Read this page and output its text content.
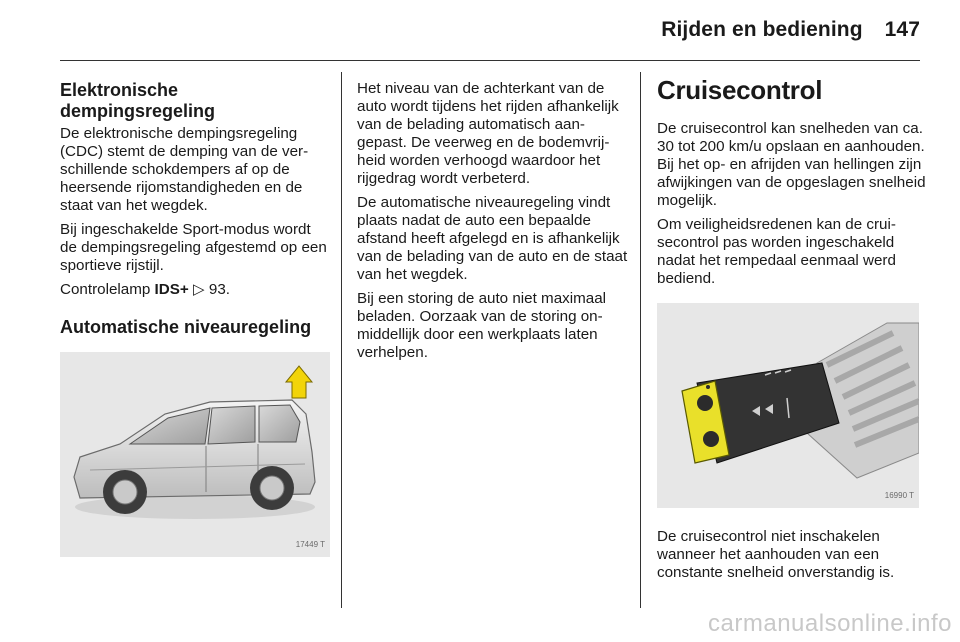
Rijden en bediening 147
Elektronische dempingsregeling

De elektronische dempingsregeling (CDC) stemt de demping van de verschillende schokdempers af op de heersende rijomstandigheden en de staat van het wegdek.

Bij ingeschakelde Sport-modus wordt de dempingsregeling afgestemd op een sportieve rijstijl.

Controlelamp IDS+ ▷ 93.

Automatische niveauregeling
17449 T

Het niveau van de achterkant van de auto wordt tijdens het rijden afhankelijk van de belading automatisch aangepast. De veerweg en de bodemvrijheid worden verhoogd waardoor het rijgedrag wordt verbeterd.

De automatische niveauregeling vindt plaats nadat de auto een bepaalde afstand heeft afgelegd en is afhankelijk van de belading van de auto en de staat van het wegdek.

Bij een storing de auto niet maximaal beladen. Oorzaak van de storing onmiddellijk door een werkplaats laten verhelpen.

Cruisecontrol

De cruisecontrol kan snelheden van ca. 30 tot 200 km/u opslaan en aanhouden. Bij het op- en afrijden van hellingen zijn afwijkingen van de opgeslagen snelheid mogelijk.

Om veiligheidsredenen kan de cruisecontrol pas worden ingeschakeld nadat het rempedaal eenmaal werd bediend.

16990 T

De cruisecontrol niet inschakelen wanneer het aanhouden van een constante snelheid onverstandig is.

carmanualsonline.info
